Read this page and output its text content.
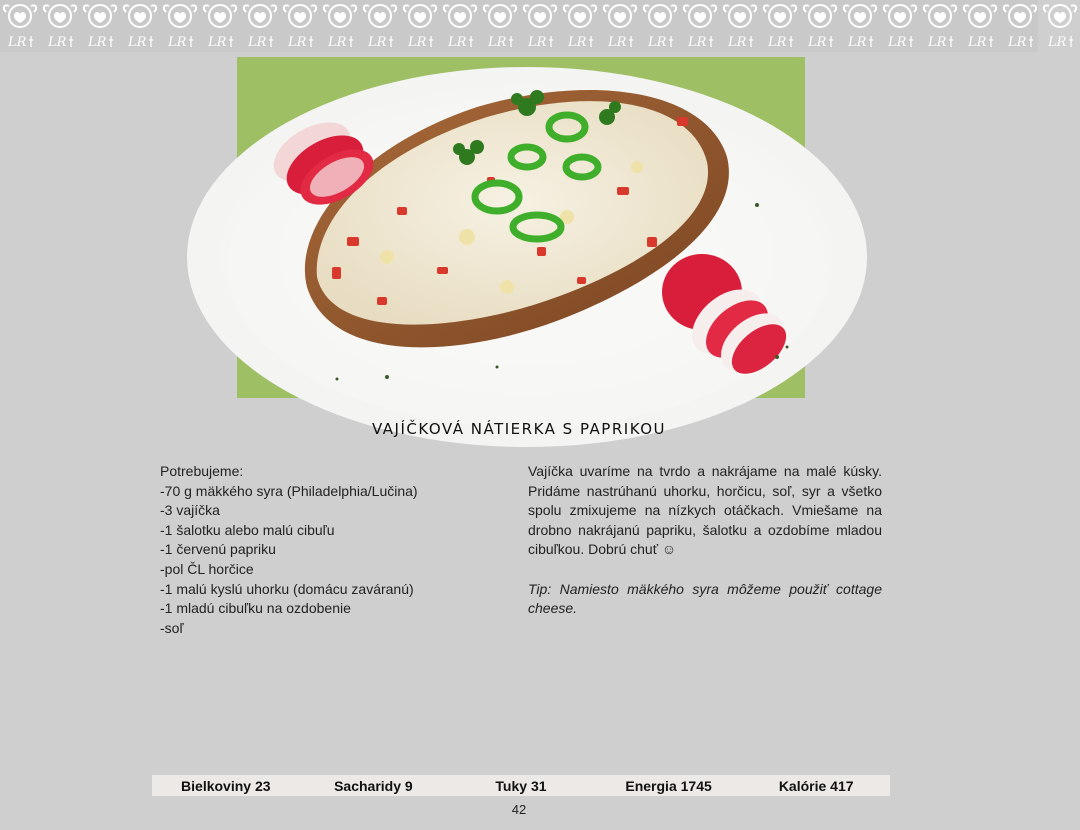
LR LR LR LR LR LR LR LR LR LR LR LR LR LR LR LR LR LR LR LR LR LR LR LR LR LR LR
VAJÍČKOVÁ NÁTIERKA S PAPRIKOU
Potrebujeme:
-70 g mäkkého syra (Philadelphia/Lučina)
-3 vajíčka
-1 šalotku alebo malú cibuľu
-1 červenú papriku
-pol ČL horčice
-1 malú kyslú uhorku (domácu zaváranú)
-1 mladú cibuľku na ozdobenie
-soľ

Vajíčka uvaríme na tvrdo a nakrájame na malé kúsky. Pridáme nastrúhanú uhorku, horčicu, soľ, syr a všetko spolu zmixujeme na nízkych otáčkach. Vmiešame na drobno nakrájanú papriku, šalotku a ozdobíme mladou cibuľkou. Dobrú chuť ☺

Tip: Namiesto mäkkého syra môžeme použiť cottage cheese.

Bielkoviny 23	Sacharidy 9	Tuky 31	Energia 1745	Kalórie 417
42
